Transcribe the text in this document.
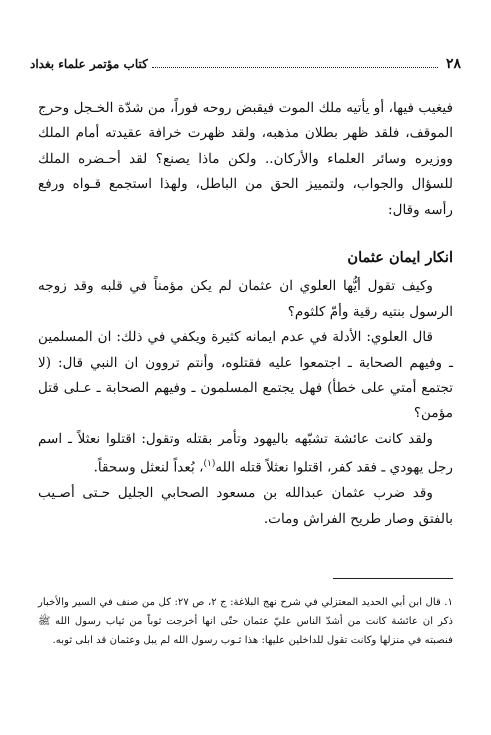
٢٨
كتاب مؤتمر علماء بغداد

فيغيب فيها، أو يأتيه ملك الموت فيقبض روحه فوراً، من شدّة الخـجل وحرج الموقف، فلقد ظهر بطلان مذهبه، ولقد ظهرت خرافة عقيدته أمام الملك ووزيره وسائر العلماء والأركان.. ولكن ماذا يصنع؟ لقد أحـضره الملك للسؤال والجواب، ولتمييز الحق من الباطل، ولهذا استجمع قـواه ورفع رأسه وقال:

انكار ايمان عثمان

وكيف تقول أيُّها العلوي ان عثمان لم يكن مؤمناً في قلبه وقد زوجه الرسول بنتيه رقية وأمّ كلثوم؟

قال العلوي: الأدلة في عدم ايمانه كثيرة ويكفي في ذلك: ان المسلمين ـ وفيهم الصحابة ـ اجتمعوا عليه فقتلوه، وأنتم تروون ان النبي قال: (لا تجتمع أمتي على خطأ) فهل يجتمع المسلمون ـ وفيهم الصحابة ـ عـلى قتل مؤمن؟

ولقد كانت عائشة تشبّهه باليهود وتأمر بقتله وتقول: اقتلوا نعثلاً ـ اسم رجل يهودي ـ فقد كفر، اقتلوا نعثلاً قتله الله$^{(١)}$، بُعداً لنعثل وسحقاً.

وقد ضرب عثمان عبدالله بن مسعود الصحابي الجليل حـتى أصـيب بالفتق وصار طريح الفراش ومات.

١. قال ابن أبي الحديد المعتزلي في شرح نهج البلاغة: ج ٢، ص ٢٧: كل من صنف في السير والأخبار ذكر ان عائشة كانت من أشدّ الناس عليّ عثمان حتّى انها أخرجت ثوباً من ثياب رسول الله ﷺ فنصبته في منزلها وكانت تقول للداخلين عليها: هذا ثـوب رسول الله لم يبل وعثمان قد ابلى ثوبه.
